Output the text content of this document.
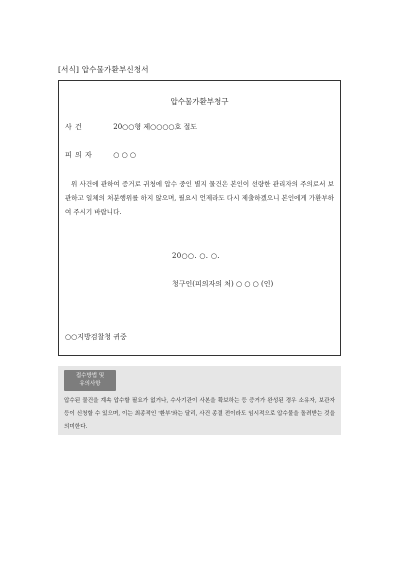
[서식] 압수물가환부신청서
압수물가환부청구
사 건	20○○형 제○○○○호 절도
피 의 자	○ ○ ○
위 사건에 관하여 증거로 귀청에 압수 중인 별지 물건은 본인이 선량한 관리자의 주의로서 보관하고 일체의 처분행위를 하지 않으며, 필요시 언제라도 다시 제출하겠으니 본인에게 가환부하여 주시기 바랍니다.
20○○. ○. ○.
청구인(피의자의 처) ○ ○ ○ (인)
○○지방검찰청 귀중
접수방법 및
유의사항
압수된 물건을 계속 압수할 필요가 없거나, 수사기관이 사본을 확보하는 등 증거가 완성된 경우 소유자, 보관자 등이 신청할 수 있으며, 이는 최종적인 '환부'와는 달리, 사건 종결 전이라도 임시적으로 압수물을 돌려받는 것을 의미한다.
